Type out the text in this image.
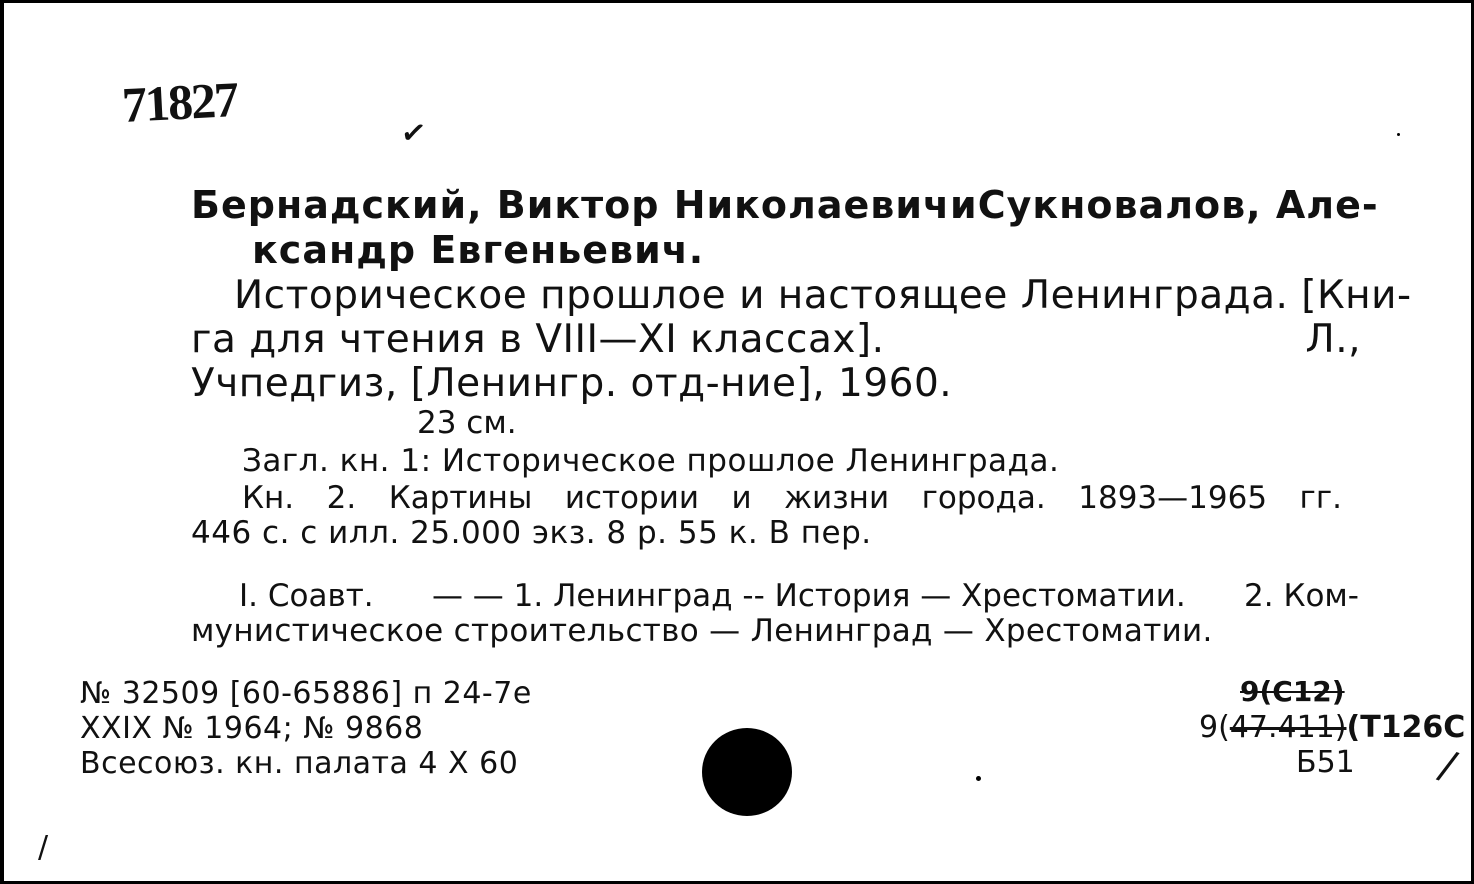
71827
✓
Бернадский, Виктор Николаевич и Сукновалов, Але-
ксандр Евгеньевич.
Историческое прошлое и настоящее Ленинграда. [Кни-
га для чтения в VIII—XI классах].	Л.,
Учпедгиз, [Ленингр. отд-ние], 1960.
23 см.
Загл. кн. 1: Историческое прошлое Ленинграда.
Кн. 2. Картины истории и жизни города. 1893—1965 гг.
446 с. с илл. 25.000 экз. 8 р. 55 к. В пер.
I. Соавт. — — 1. Ленинград -- История — Хрестоматии. 2. Ком-
мунистическое строительство — Ленинград — Хрестоматии.
№ 32509 [60-65886] п 24-7е
XXIX № 1964; № 9868
Всесоюз. кн. палата 4 Х 60
9(С12)
9(47.411)(Т126С
Б51
/
/
